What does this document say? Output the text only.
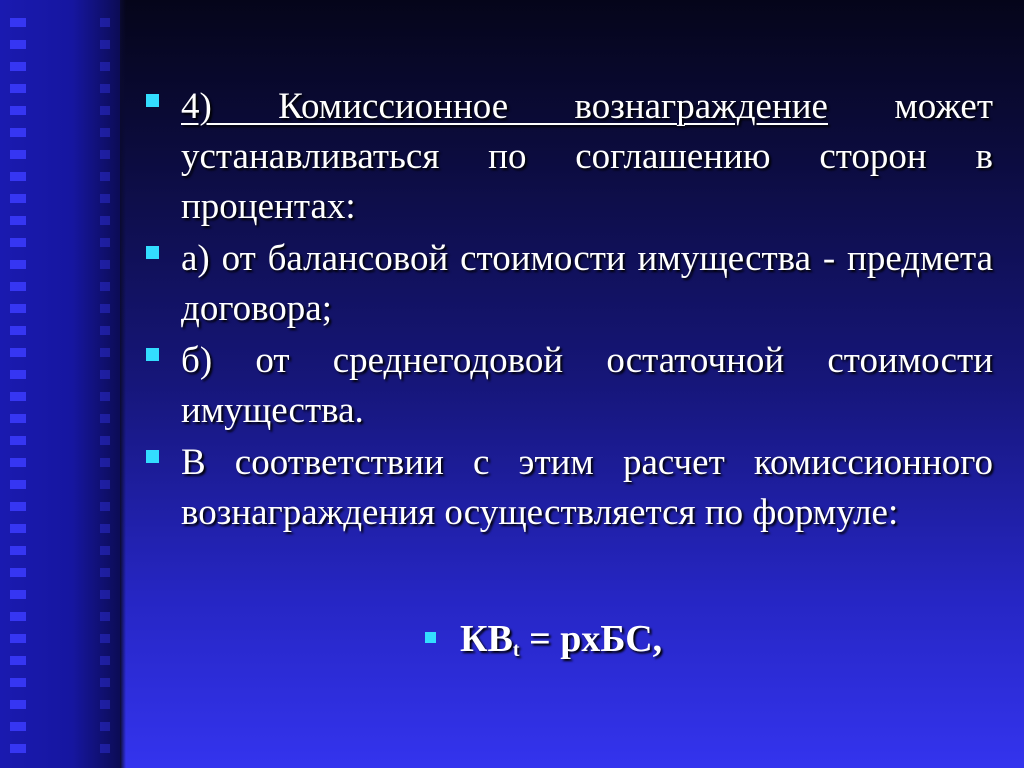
4) Комиссионное вознаграждение может устанавливаться по соглашению сторон в процентах:
а) от балансовой стоимости имущества - предмета договора;
б) от среднегодовой остаточной стоимости имущества.
В соответствии с этим расчет комиссионного вознаграждения осуществляется по формуле:
$КВ_t$ = рхБС,
